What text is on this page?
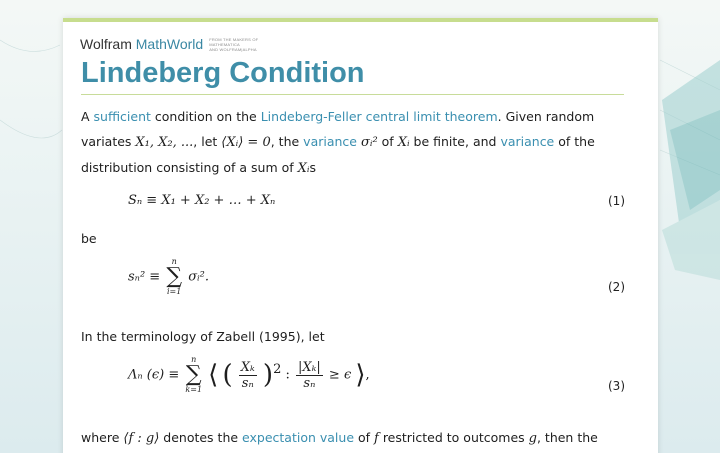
Wolfram MathWorld FROM THE MAKERS OF MATHEMATICA
AND WOLFRAM|ALPHA
Lindeberg Condition

A sufficient condition on the Lindeberg-Feller central limit theorem. Given random variates X₁, X₂, ..., let ⟨Xᵢ⟩ = 0, the variance σᵢ² of Xᵢ be finite, and variance of the distribution consisting of a sum of Xᵢs

Sₙ ≡ X₁ + X₂ + … + Xₙ	(1)

be

sₙ² ≡
n
∑
i=1
σᵢ².
(2)

In the terminology of Zabell (1995), let

Λₙ (ϵ) ≡
n
∑
k=1 ⟨ ( $\frac{\text{Xₖ}}{\text{sₙ}} )^2$ : $\frac{\text{|Xₖ|}}{\text{sₙ}} \ge \epsilon$ ⟩,
(3)

where ⟨f : g⟩ denotes the expectation value of f restricted to outcomes g, then the
